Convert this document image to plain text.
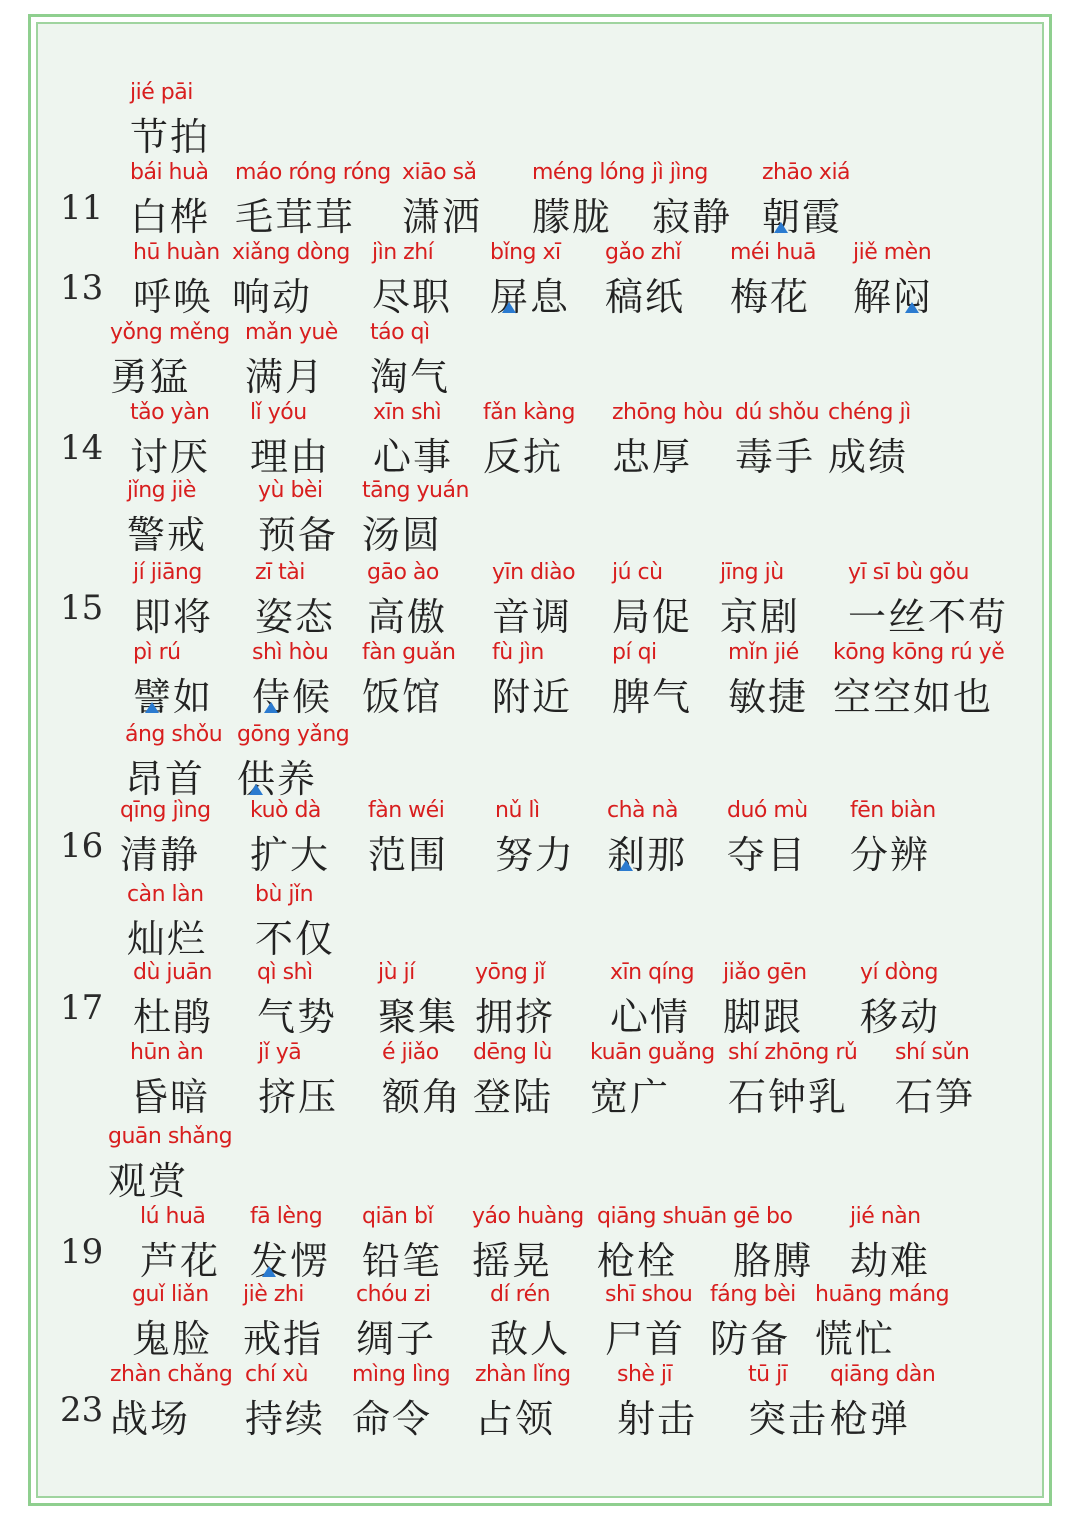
jié pāi
节拍
11
bái huà
白桦
máo róng róng
毛茸茸
xiāo sǎ
潇洒
méng lóng
朦胧
jì jìng
寂静
zhāo xiá
朝霞
13
hū huàn
呼唤
xiǎng dòng
响动
jìn zhí
尽职
bǐng xī
屏息
gǎo zhǐ
稿纸
méi huā
梅花
jiě mèn
解闷
yǒng měng
勇猛
mǎn yuè
满月
táo qì
淘气
14
tǎo yàn
讨厌
lǐ yóu
理由
xīn shì
心事
fǎn kàng
反抗
zhōng hòu
忠厚
dú shǒu
毒手
chéng jì
成绩
jǐng jiè
警戒
yù bèi
预备
tāng yuán
汤圆
15
jí jiāng
即将
zī tài
姿态
gāo ào
高傲
yīn diào
音调
jú cù
局促
jīng jù
京剧
yī sī bù gǒu
一丝不苟
pì rú
譬如
shì hòu
侍候
fàn guǎn
饭馆
fù jìn
附近
pí qi
脾气
mǐn jié
敏捷
kōng kōng rú yě
空空如也
áng shǒu
昂首
gōng yǎng
供养
16
qīng jìng
清静
kuò dà
扩大
fàn wéi
范围
nǔ lì
努力
chà nà
刹那
duó mù
夺目
fēn biàn
分辨
càn làn
灿烂
bù jǐn
不仅
17
dù juān
杜鹃
qì shì
气势
jù jí
聚集
yōng jǐ
拥挤
xīn qíng
心情
jiǎo gēn
脚跟
yí dòng
移动
hūn àn
昏暗
jǐ yā
挤压
é jiǎo
额角
dēng lù
登陆
kuān guǎng
宽广
shí zhōng rǔ
石钟乳
shí sǔn
石笋
guān shǎng
观赏
19
lú huā
芦花
fā lèng
发愣
qiān bǐ
铅笔
yáo huàng
摇晃
qiāng shuān
枪栓
gē bo
胳膊
jié nàn
劫难
guǐ liǎn
鬼脸
jiè zhi
戒指
chóu zi
绸子
dí rén
敌人
shī shou
尸首
fáng bèi
防备
huāng máng
慌忙
23
zhàn chǎng
战场
chí xù
持续
mìng lìng
命令
zhàn lǐng
占领
shè jī
射击
tū jī
突击
qiāng dàn
枪弹
